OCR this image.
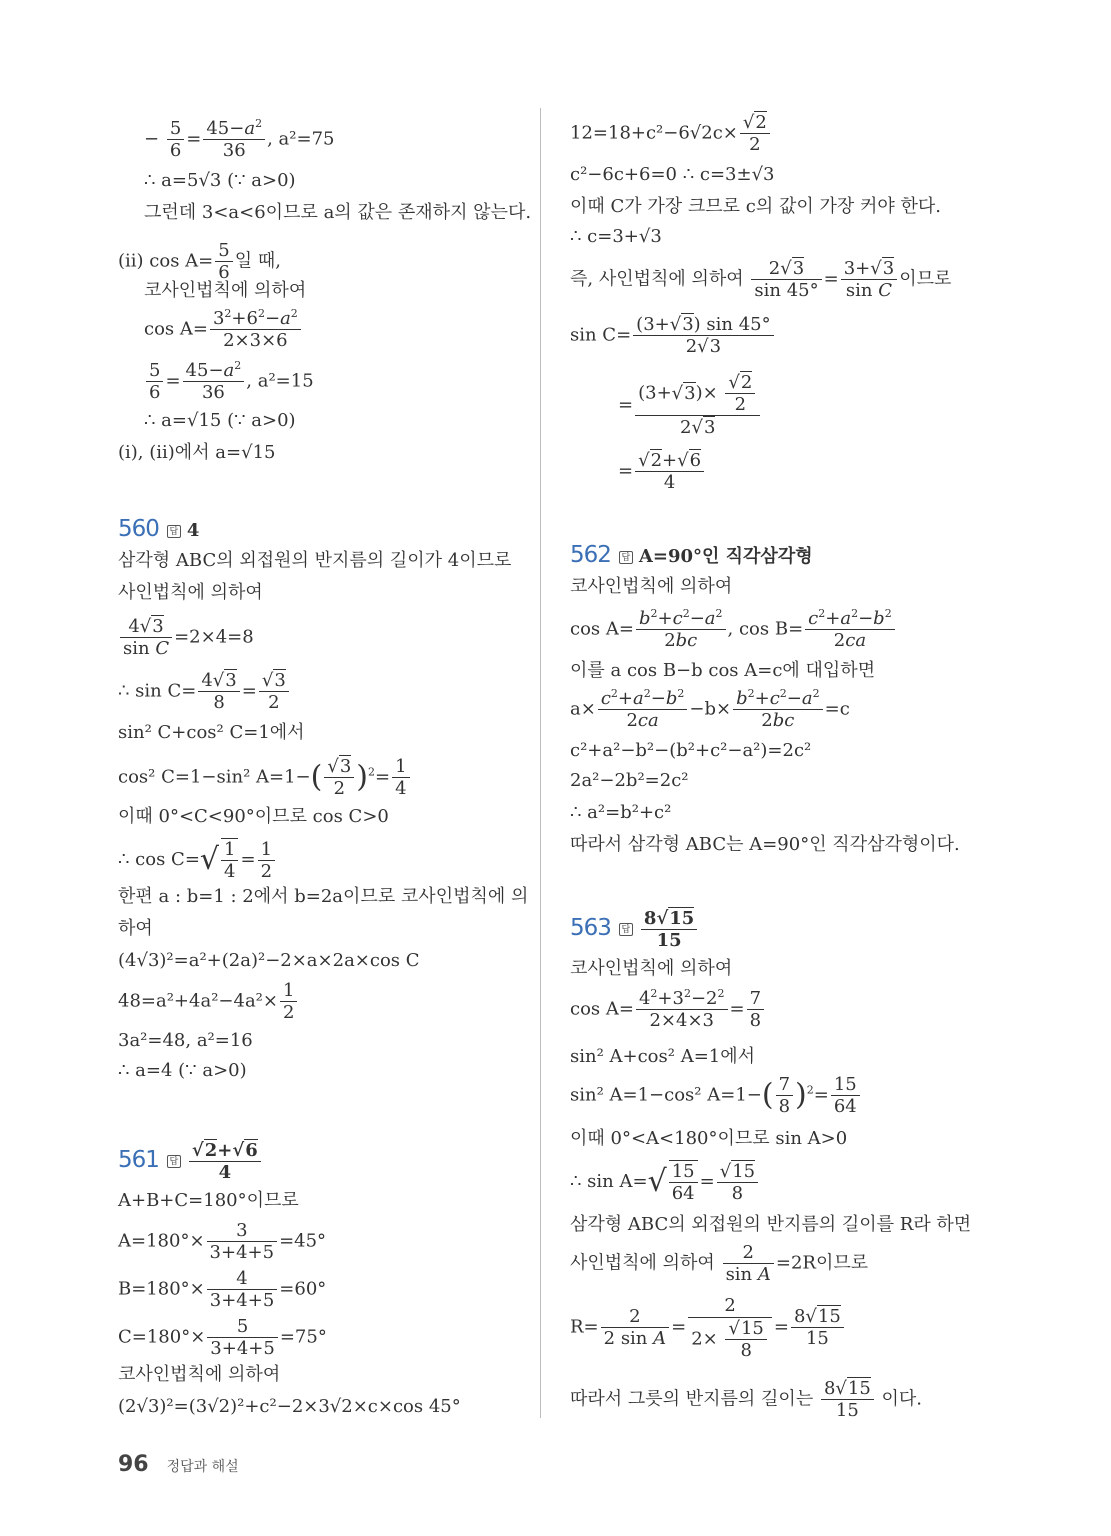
− $\frac{5}{6} = \frac{45-a^2}{36}$ , a²=75
∴ a=5√3 (∵ a>0)
그런데 3<a<6이므로 a의 값은 존재하지 않는다.
(ⅱ) $\cos A= \frac{5}{6}$ 일 때,
코사인법칙에 의하여
$\cos A= \frac{3^2+6^2-a^2}{2\times 3\times 6}$
$\frac{5}{6} = \frac{45-a^2}{36}$ , a²=15
∴ a=√15 (∵ a>0)
(ⅰ), (ⅱ)에서 a=√15
560 답 4
삼각형 ABC의 외접원의 반지름의 길이가 4이므로
사인법칙에 의하여
$\frac{4√ 3}{\text{sin C}} =2\times 4=8$
∴ $\sin C= \frac{4√ 3}{8}$ =
√ $\frac{3}{2}$
sin² C+cos² C=1에서
cos² C=1−sin² A=1−(
√ $\frac{3}{2} )^2= \frac{1}{4}$
이때 0°<C<90°이므로 cos C>0
∴ $\cos C=√ \frac{1}{4} = \frac{1}{2}$
한편 a : b=1 : 2에서 b=2a이므로 코사인법칙에 의
하여
(4√3)²=a²+(2a)²−2×a×2a×cos C
$48=a^2+4a^2-4a^2\times \frac{1}{2}$
3a²=48, a²=16
∴ a=4 (∵ a>0)
561 답
√ $\frac{2+√ 6}{4}$
A+B+C=180°이므로
$A=180^\circ\times \frac{3}{3+4+5} =45^\circ$
$B=180^\circ\times \frac{4}{3+4+5} =60^\circ$
$C=180^\circ\times \frac{5}{3+4+5} =75^\circ$
코사인법칙에 의하여
(2√3)²=(3√2)²+c²−2×3√2×c×cos 45°
12=18+c²−6√2c×
√ $\frac{2}{2}$
c²−6c+6=0 ∴ c=3±√3
이때 C가 가장 크므로 c의 값이 가장 커야 한다.
∴ c=3+√3
즉, 사인법칙에 의하여 $\frac{2√ 3}{\sin 45^\circ} = \frac{3+√ 3}{\text{sin C}}$ 이므로
$\sin C= \frac{(3+√ 3) \sin 45^\circ}{2√ 3}$
= (3+√ 3)×
√ $\frac{2}{2}$
2√ 3
=
√ $\frac{2+√ 6}{4}$
562 답 A=90°인 직각삼각형
코사인법칙에 의하여
$\cos A= \frac{b^2+c^2-a^2}{2bc}$ , $\cos B= \frac{c^2+a^2-b^2}{2ca}$
이를 a cos B−b cos A=c에 대입하면
$a\times \frac{c^2+a^2-b^2}{2ca} -b\times \frac{b^2+c^2-a^2}{2bc} =c$
c²+a²−b²−(b²+c²−a²)=2c²
2a²−2b²=2c²
∴ a²=b²+c²
따라서 삼각형 ABC는 A=90°인 직각삼각형이다.
563 답 $\frac{8√ 15}{15}$
코사인법칙에 의하여
$\cos A= \frac{4^2+3^2-2^2}{2\times 4\times 3} = \frac{7}{8}$
sin² A+cos² A=1에서
sin² A=1−cos² $A=1-( \frac{7}{8} )^2= \frac{15}{64}$
이때 0°<A<180°이므로 sin A>0
∴ $\sin A=√ \frac{15}{64}$ =
√ $\frac{15}{8}$
삼각형 ABC의 외접원의 반지름의 길이를 R라 하면
사인법칙에 의하여 $\frac{2}{\text{sin A}} =2R$이므로
$R= \frac{2}{\text{2 sin A}} = 2$
2×
√ $\frac{15}{8} = \frac{8√ 15}{15}$
따라서 그릇의 반지름의 길이는 $\frac{8√ 15}{15}$ 이다.
96 정답과 해설
